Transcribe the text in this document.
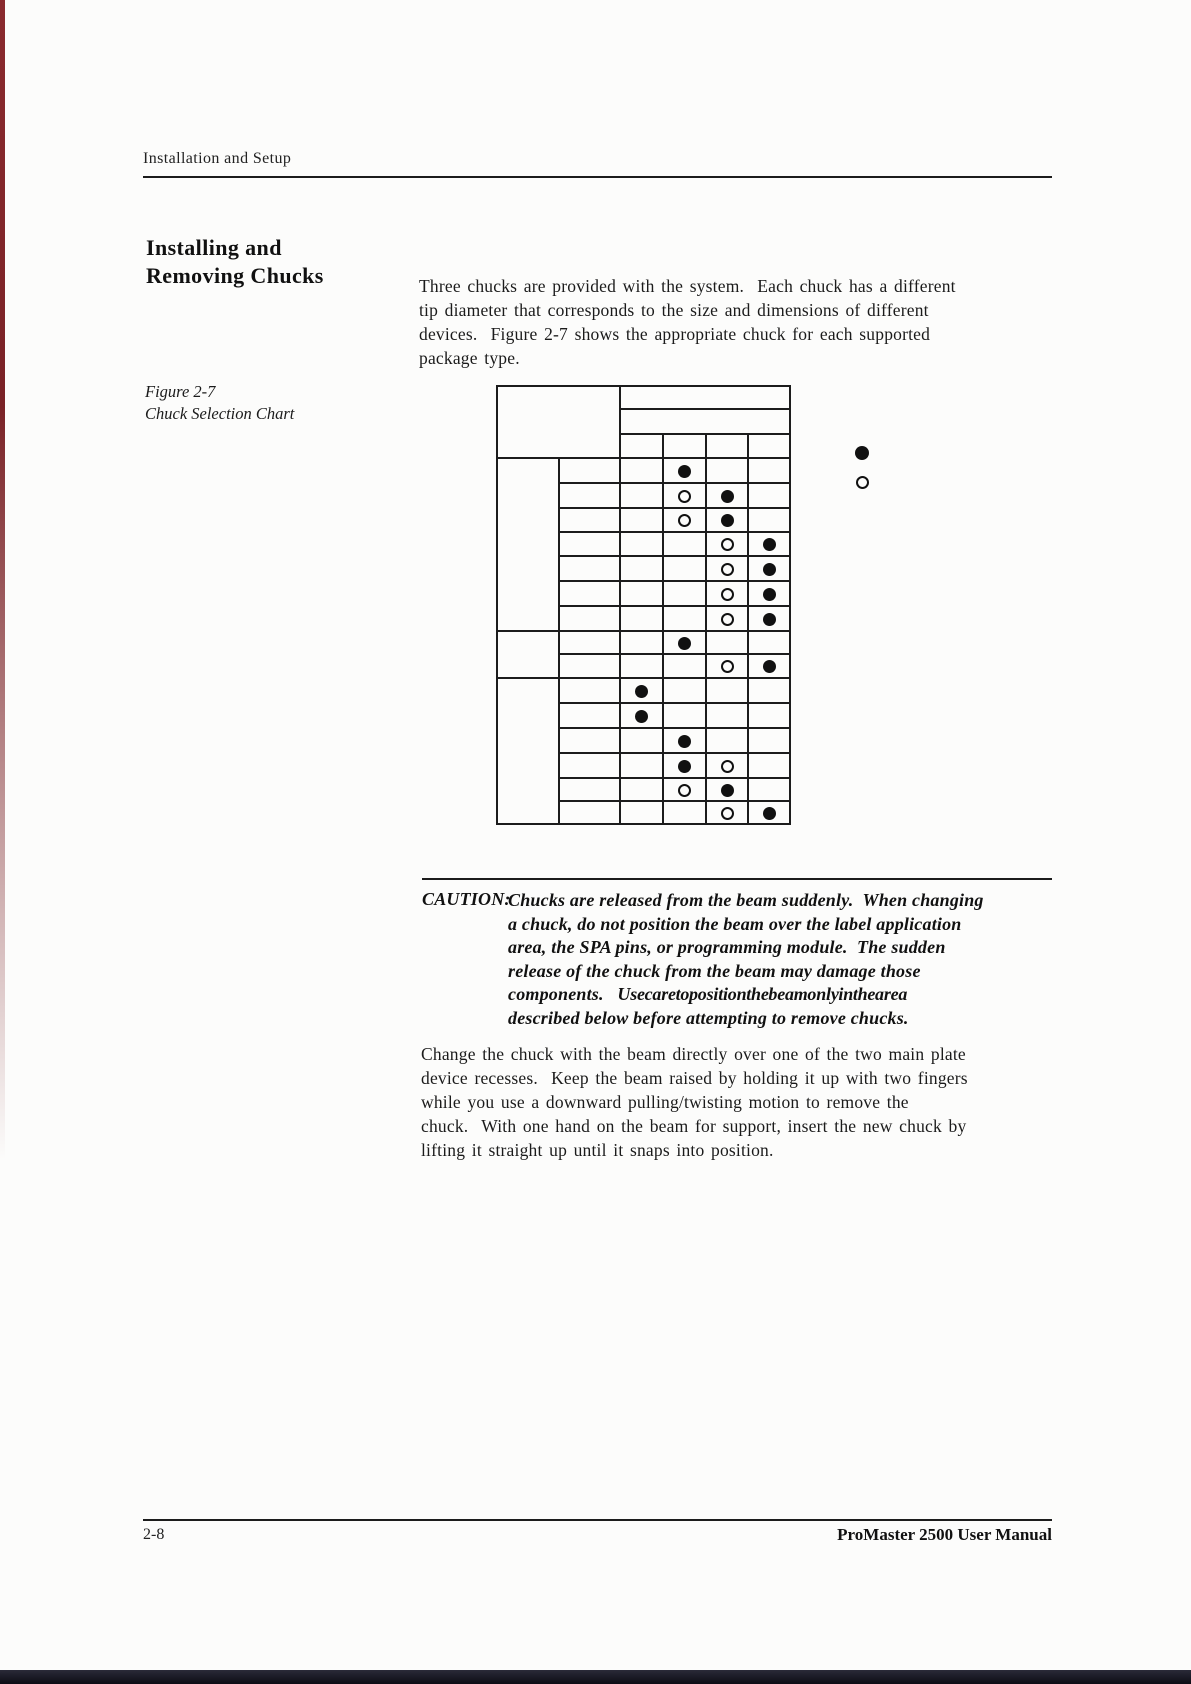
Installation and Setup
Installing and
Removing Chucks	Three chucks are provided with the system.  Each chuck has a different
tip diameter that corresponds to the size and dimensions of different
devices.  Figure 2-7 shows the appropriate chuck for each supported
package type.
Figure 2-7
Chuck Selection Chart

CAUTION:
Chucks are released from the beam suddenly.  When changing
a chuck, do not position the beam over the label application
area, the SPA pins, or programming module.  The sudden
release of the chuck from the beam may damage those
components. Use care to position the beam only in the area
described below before attempting to remove chucks.
Change the chuck with the beam directly over one of the two main plate
device recesses.  Keep the beam raised by holding it up with two fingers
while you use a downward pulling/twisting motion to remove the
chuck.  With one hand on the beam for support, insert the new chuck by
lifting it straight up until it snaps into position.
2-8	ProMaster 2500 User Manual
